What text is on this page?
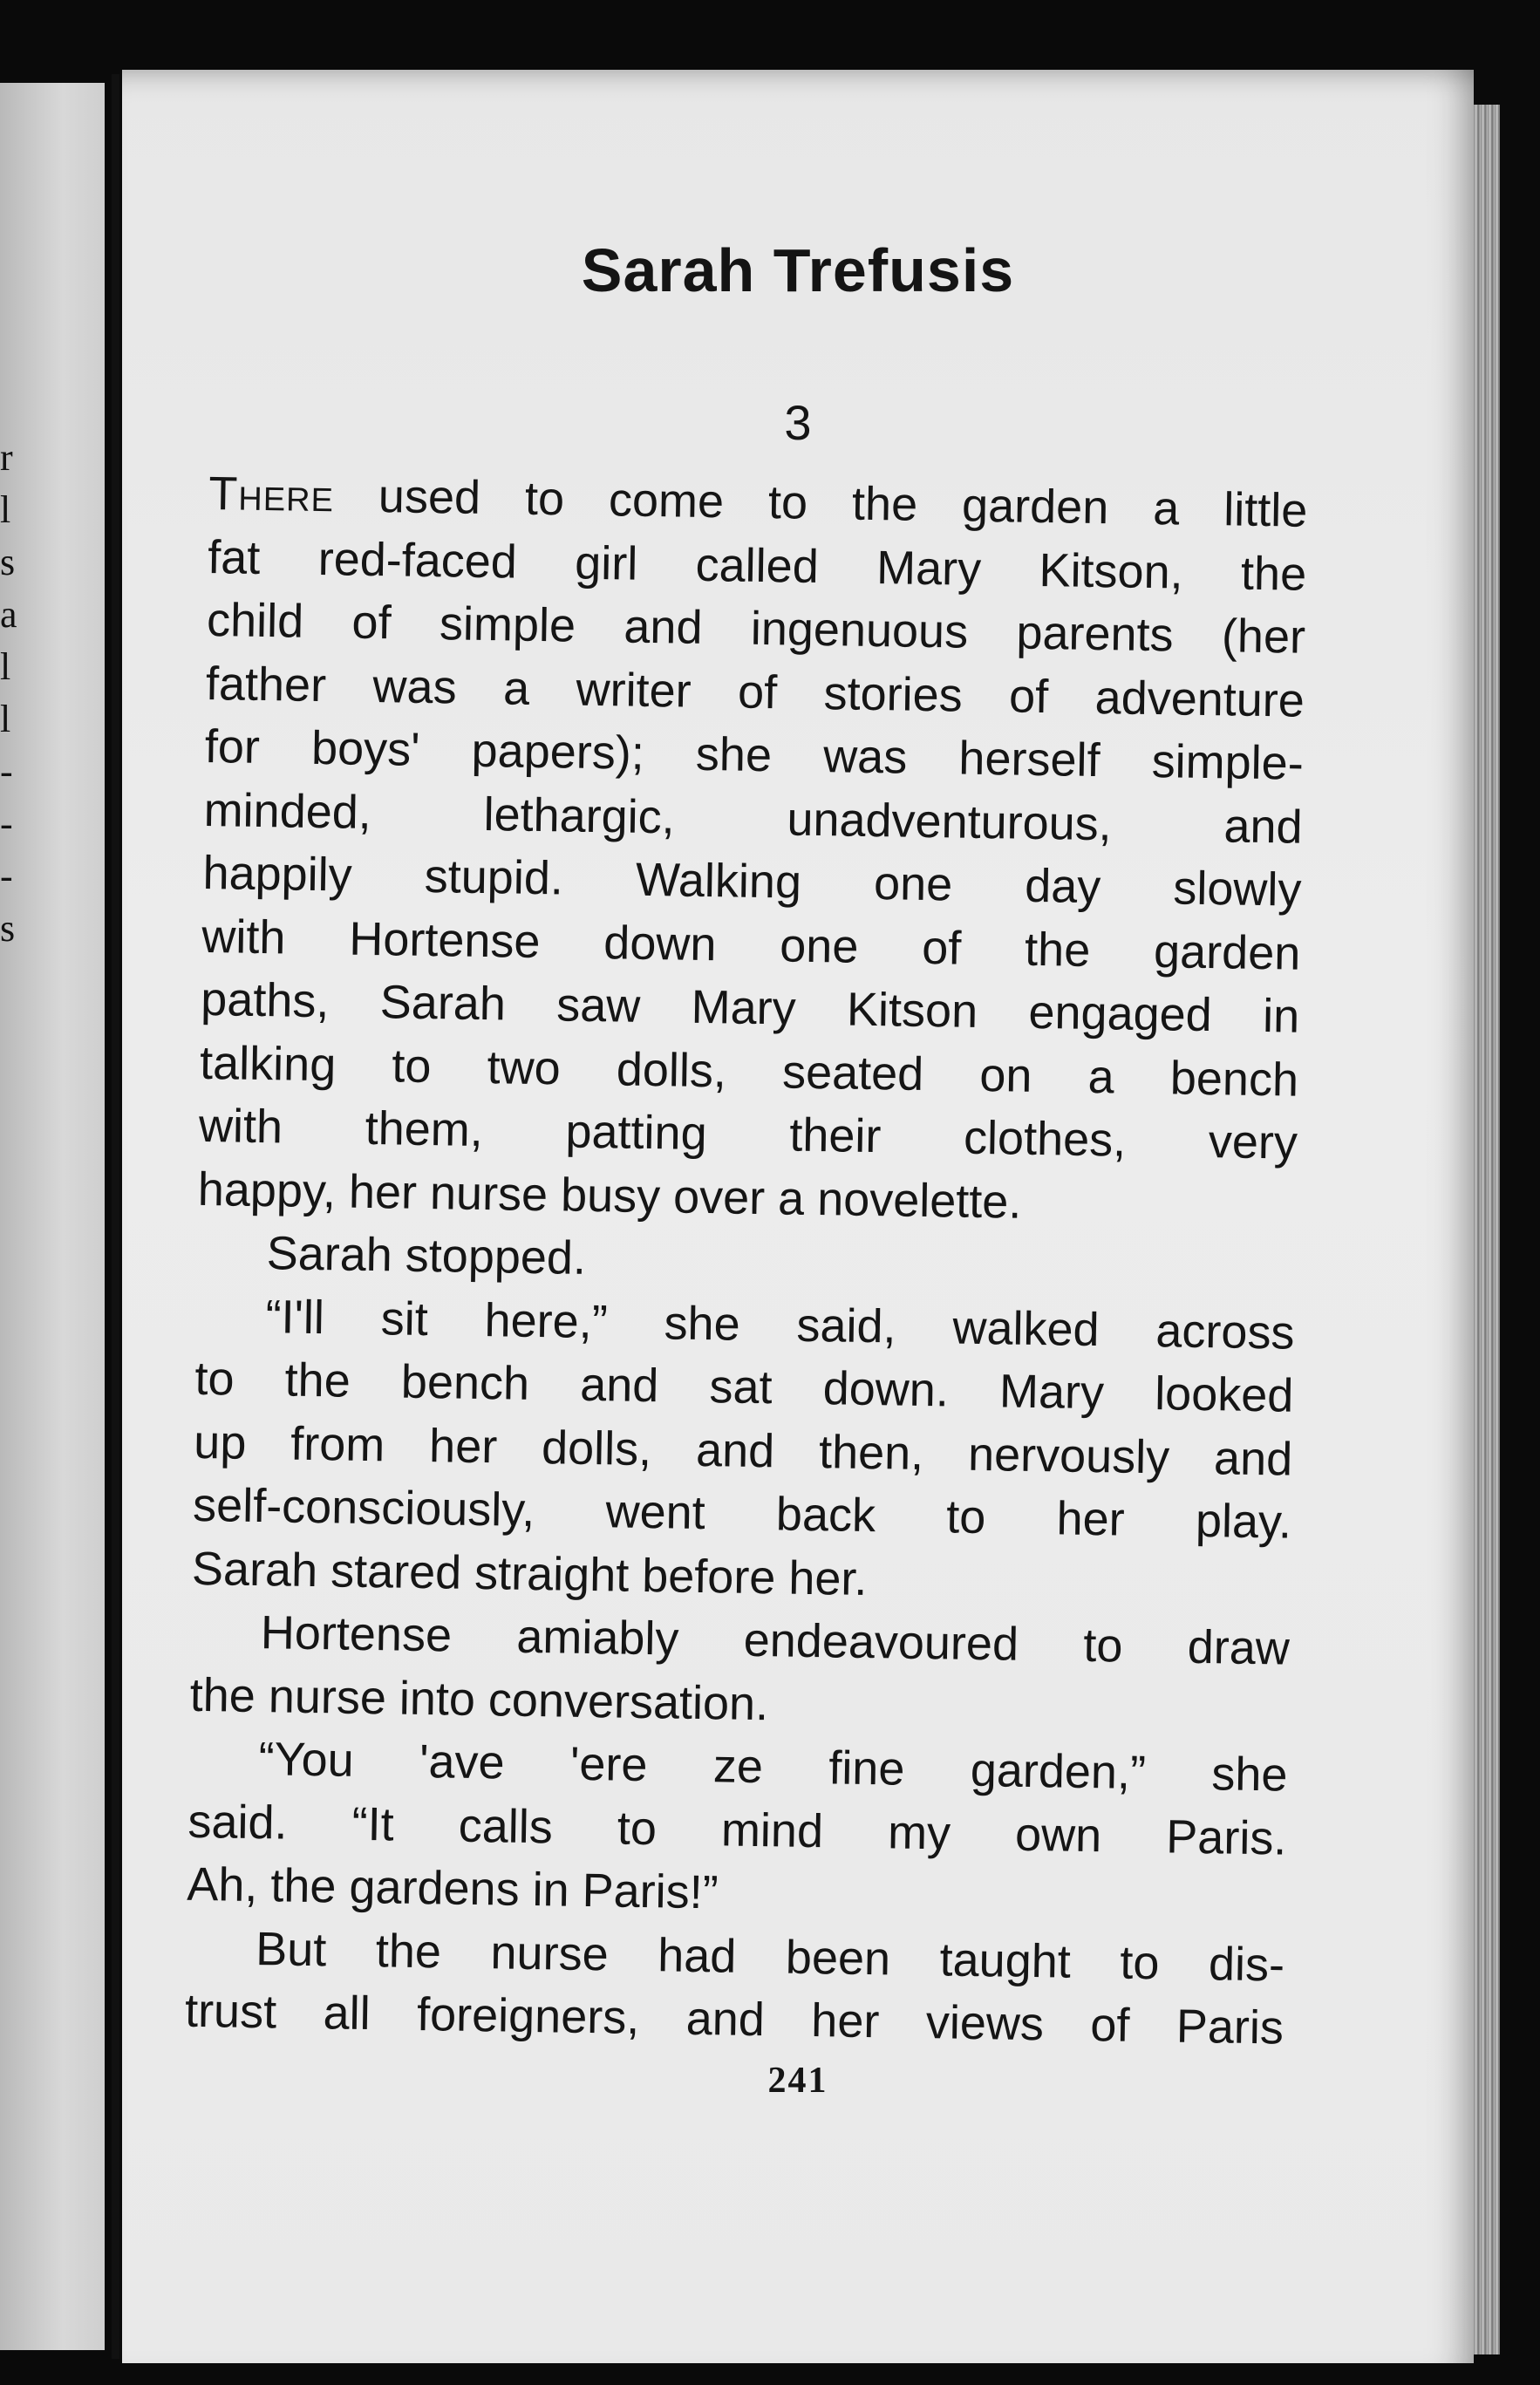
r
l
s
a
l
l
-
-
-
s
Sarah Trefusis
3
There used to come to the garden a little
fat red-faced girl called Mary Kitson, the
child of simple and ingenuous parents (her
father was a writer of stories of adventure
for boys' papers); she was herself simple-
minded, lethargic, unadventurous, and
happily stupid. Walking one day slowly
with Hortense down one of the garden
paths, Sarah saw Mary Kitson engaged in
talking to two dolls, seated on a bench
with them, patting their clothes, very
happy, her nurse busy over a novelette.
Sarah stopped.
“I'll sit here,” she said, walked across
to the bench and sat down. Mary looked
up from her dolls, and then, nervously and
self-consciously, went back to her play.
Sarah stared straight before her.
Hortense amiably endeavoured to draw
the nurse into conversation.
“You 'ave 'ere ze fine garden,” she
said. “It calls to mind my own Paris.
Ah, the gardens in Paris!”
But the nurse had been taught to dis-
trust all foreigners, and her views of Paris
241
